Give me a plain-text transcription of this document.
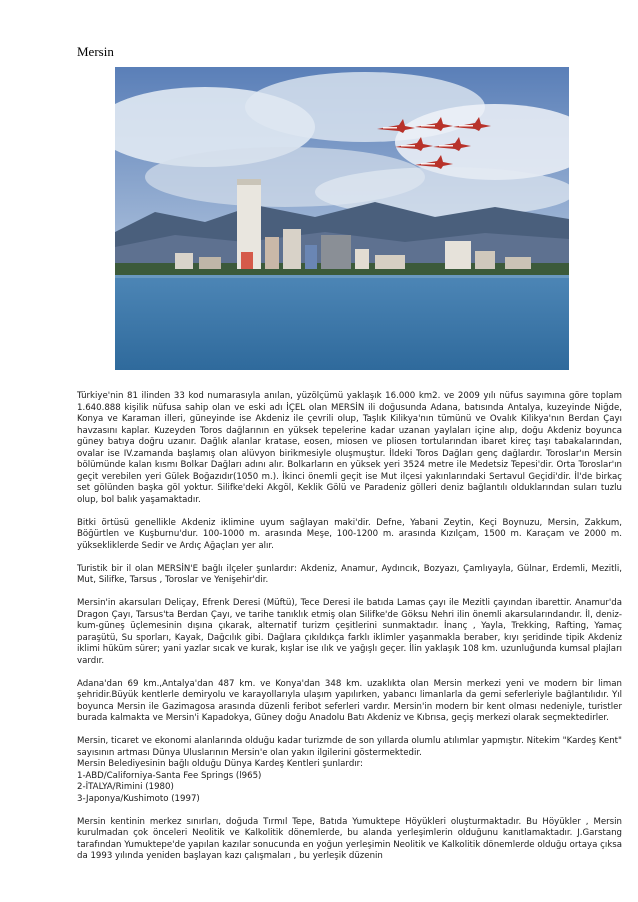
Mersin

Türkiye'nin 81 ilinden 33 kod numarasıyla anılan, yüzölçümü yaklaşık 16.000 km2. ve 2009 yılı nüfus sayımına göre toplam 1.640.888 kişilik nüfusa sahip olan ve eski adı İÇEL olan MERSİN ili doğusunda Adana, batısında Antalya, kuzeyinde Niğde, Konya ve Karaman illeri, güneyinde ise Akdeniz ile çevrili olup, Taşlık Kilikya'nın tümünü ve Ovalık Kilikya'nın Berdan Çayı havzasını kaplar. Kuzeyden Toros dağlarının en yüksek tepelerine kadar uzanan yaylaları içine alıp, doğu Akdeniz boyunca güney batıya doğru uzanır. Dağlık alanlar kratase, eosen, miosen ve pliosen tortularından ibaret kireç taşı tabakalarından, ovalar ise IV.zamanda başlamış olan alüvyon birikmesiyle oluşmuştur. İldeki Toros Dağları genç dağlardır. Toroslar'ın Mersin bölümünde kalan kısmı Bolkar Dağları adını alır. Bolkarların en yüksek yeri 3524 metre ile Medetsiz Tepesi'dir. Orta Toroslar'ın geçit verebilen yeri Gülek Boğazıdır(1050 m.). İkinci önemli geçit ise Mut ilçesi yakınlarındaki Sertavul Geçidi'dir. İl'de birkaç set gölünden başka göl yoktur. Silifke'deki Akgöl, Keklik Gölü ve Paradeniz gölleri deniz bağlantılı olduklarından suları tuzlu olup, bol balık yaşamaktadır.

Bitki örtüsü genellikle Akdeniz iklimine uyum sağlayan maki'dir. Defne, Yabani Zeytin, Keçi Boynuzu, Mersin, Zakkum, Böğürtlen ve Kuşburnu'dur. 100-1000 m. arasında Meşe, 100-1200 m. arasında Kızılçam, 1500 m. Karaçam ve 2000 m. yüksekliklerde Sedir ve Ardıç Ağaçları yer alır.

Turistik bir il olan MERSİN'E bağlı ilçeler şunlardır: Akdeniz, Anamur, Aydıncık, Bozyazı, Çamlıyayla, Gülnar, Erdemli, Mezitli, Mut, Silifke, Tarsus , Toroslar ve Yenişehir'dir.

Mersin'in akarsuları Deliçay, Efrenk Deresi (Müftü), Tece Deresi ile batıda Lamas çayı ile Mezitli çayından ibarettir. Anamur'da Dragon Çayı, Tarsus'ta Berdan Çayı, ve tarihe tanıklık etmiş olan Silifke'de Göksu Nehri ilin önemli akarsularındandır. İl, deniz-kum-güneş üçlemesinin dışına çıkarak, alternatif turizm çeşitlerini sunmaktadır. İnanç , Yayla, Trekking, Rafting, Yamaç paraşütü, Su sporları, Kayak, Dağcılık gibi. Dağlara çıkıldıkça farklı iklimler yaşanmakla beraber, kıyı şeridinde tipik Akdeniz iklimi hüküm sürer; yani yazlar sıcak ve kurak, kışlar ise ılık ve yağışlı geçer. İlin yaklaşık 108 km. uzunluğunda kumsal plajları vardır.

Adana'dan 69 km.,Antalya'dan 487 km. ve Konya'dan 348 km. uzaklıkta olan Mersin merkezi yeni ve modern bir liman şehridir.Büyük kentlerle demiryolu ve karayollarıyla ulaşım yapılırken, yabancı limanlarla da gemi seferleriyle bağlantılıdır. Yıl boyunca Mersin ile Gazimagosa arasında düzenli feribot seferleri vardır. Mersin'in modern bir kent olması nedeniyle, turistler burada kalmakta ve Mersin'i Kapadokya, Güney doğu Anadolu Batı Akdeniz ve Kıbrısa, geçiş merkezi olarak seçmektedirler.

Mersin, ticaret ve ekonomi alanlarında olduğu kadar turizmde de son yıllarda olumlu atılımlar yapmıştır. Nitekim "Kardeş Kent" sayısının artması Dünya Uluslarının Mersin'e olan yakın ilgilerini göstermektedir.
Mersin Belediyesinin bağlı olduğu Dünya Kardeş Kentleri şunlardır:
1-ABD/Californiya-Santa Fee Springs (l965)
2-İTALYA/Rimini (1980)
3-Japonya/Kushimoto (1997)

Mersin kentinin merkez sınırları, doğuda Tırmıl Tepe, Batıda Yumuktepe Höyükleri oluşturmaktadır. Bu Höyükler , Mersin kurulmadan çok önceleri Neolitik ve Kalkolitik dönemlerde, bu alanda yerleşimlerin olduğunu kanıtlamaktadır. J.Garstang tarafından Yumuktepe'de yapılan kazılar sonucunda en yoğun yerleşimin Neolitik ve Kalkolitik dönemlerde olduğu ortaya çıksa da 1993 yılında yeniden başlayan kazı çalışmaları , bu yerleşik düzenin
